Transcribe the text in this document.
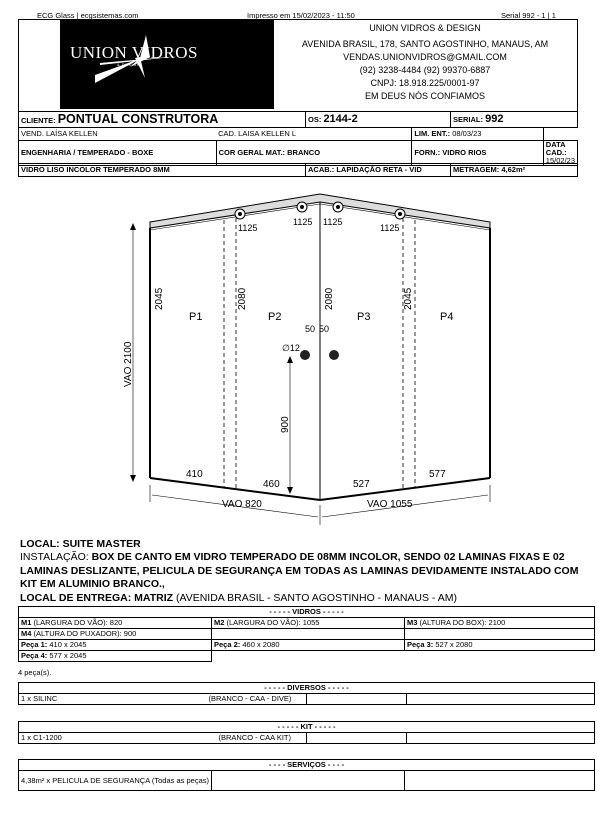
ECG Glass | ecgsistemas.com	Impresso em 15/02/2023 - 11:50	Serial 992 - 1 | 1
UNION VIDROS
& DESIGN
UNION VIDROS & DESIGN
AVENIDA BRASIL, 178, SANTO AGOSTINHO, MANAUS, AM
VENDAS.UNIONVIDROS@GMAIL.COM
(92) 3238-4484 (92) 99370-6887
CNPJ: 18.918.225/0001-97
EM DEUS NÓS CONFIAMOS
CLIENTE: PONTUAL CONSTRUTORA	OS: 2144-2	SERIAL: 992
VEND. LAÍSA KELLEN	CAD. LAISA KELLEN L	LIM. ENT.: 08/03/23	
ENGENHARIA / TEMPERADO - BOXE	COR GERAL MAT.: BRANCO	FORN.: VIDRO RIOS	DATA CAD.: 15/02/23
VIDRO LISO INCOLOR TEMPERADO 8MM	ACAB.: LAPIDAÇÃO RETA - VID	METRAGEM: 4,62m²
P1	P2	P3	P4
1125
1125 1125
1125
2045	2080	2080	2045
VAO 2100
900
50 50
∅12
410
460	527
577
VAO 820	VAO 1055
LOCAL: SUITE MASTER
INSTALAÇÃO: BOX DE CANTO EM VIDRO TEMPERADO DE 08MM INCOLOR, SENDO 02 LAMINAS FIXAS E 02 LAMINAS DESLIZANTE, PELICULA DE SEGURANÇA EM TODAS AS LAMINAS DEVIDAMENTE INSTALADO COM KIT EM ALUMINIO BRANCO.,
LOCAL DE ENTREGA: MATRIZ (AVENIDA BRASIL - SANTO AGOSTINHO - MANAUS - AM)
- - - - - VIDROS - - - - -		
M1 (LARGURA DO VÃO): 820	M2 (LARGURA DO VÃO): 1055	M3 (ALTURA DO BOX): 2100
M4 (ALTURA DO PUXADOR): 900		
Peça 1: 410 x 2045	Peça 2: 460 x 2080	Peça 3: 527 x 2080
Peça 4: 577 x 2045		
4 peça(s).
- - - - - DIVERSOS - - - - -
1 x SILINC	(BRANCO - CAA - DIVE)

- - - - - KIT - - - - -
1 x C1-1200	(BRANCO - CAA KIT)

- - - - SERVIÇOS - - - -
4,38m² x PELICULA DE SEGURANÇA (Todas as peças)		
